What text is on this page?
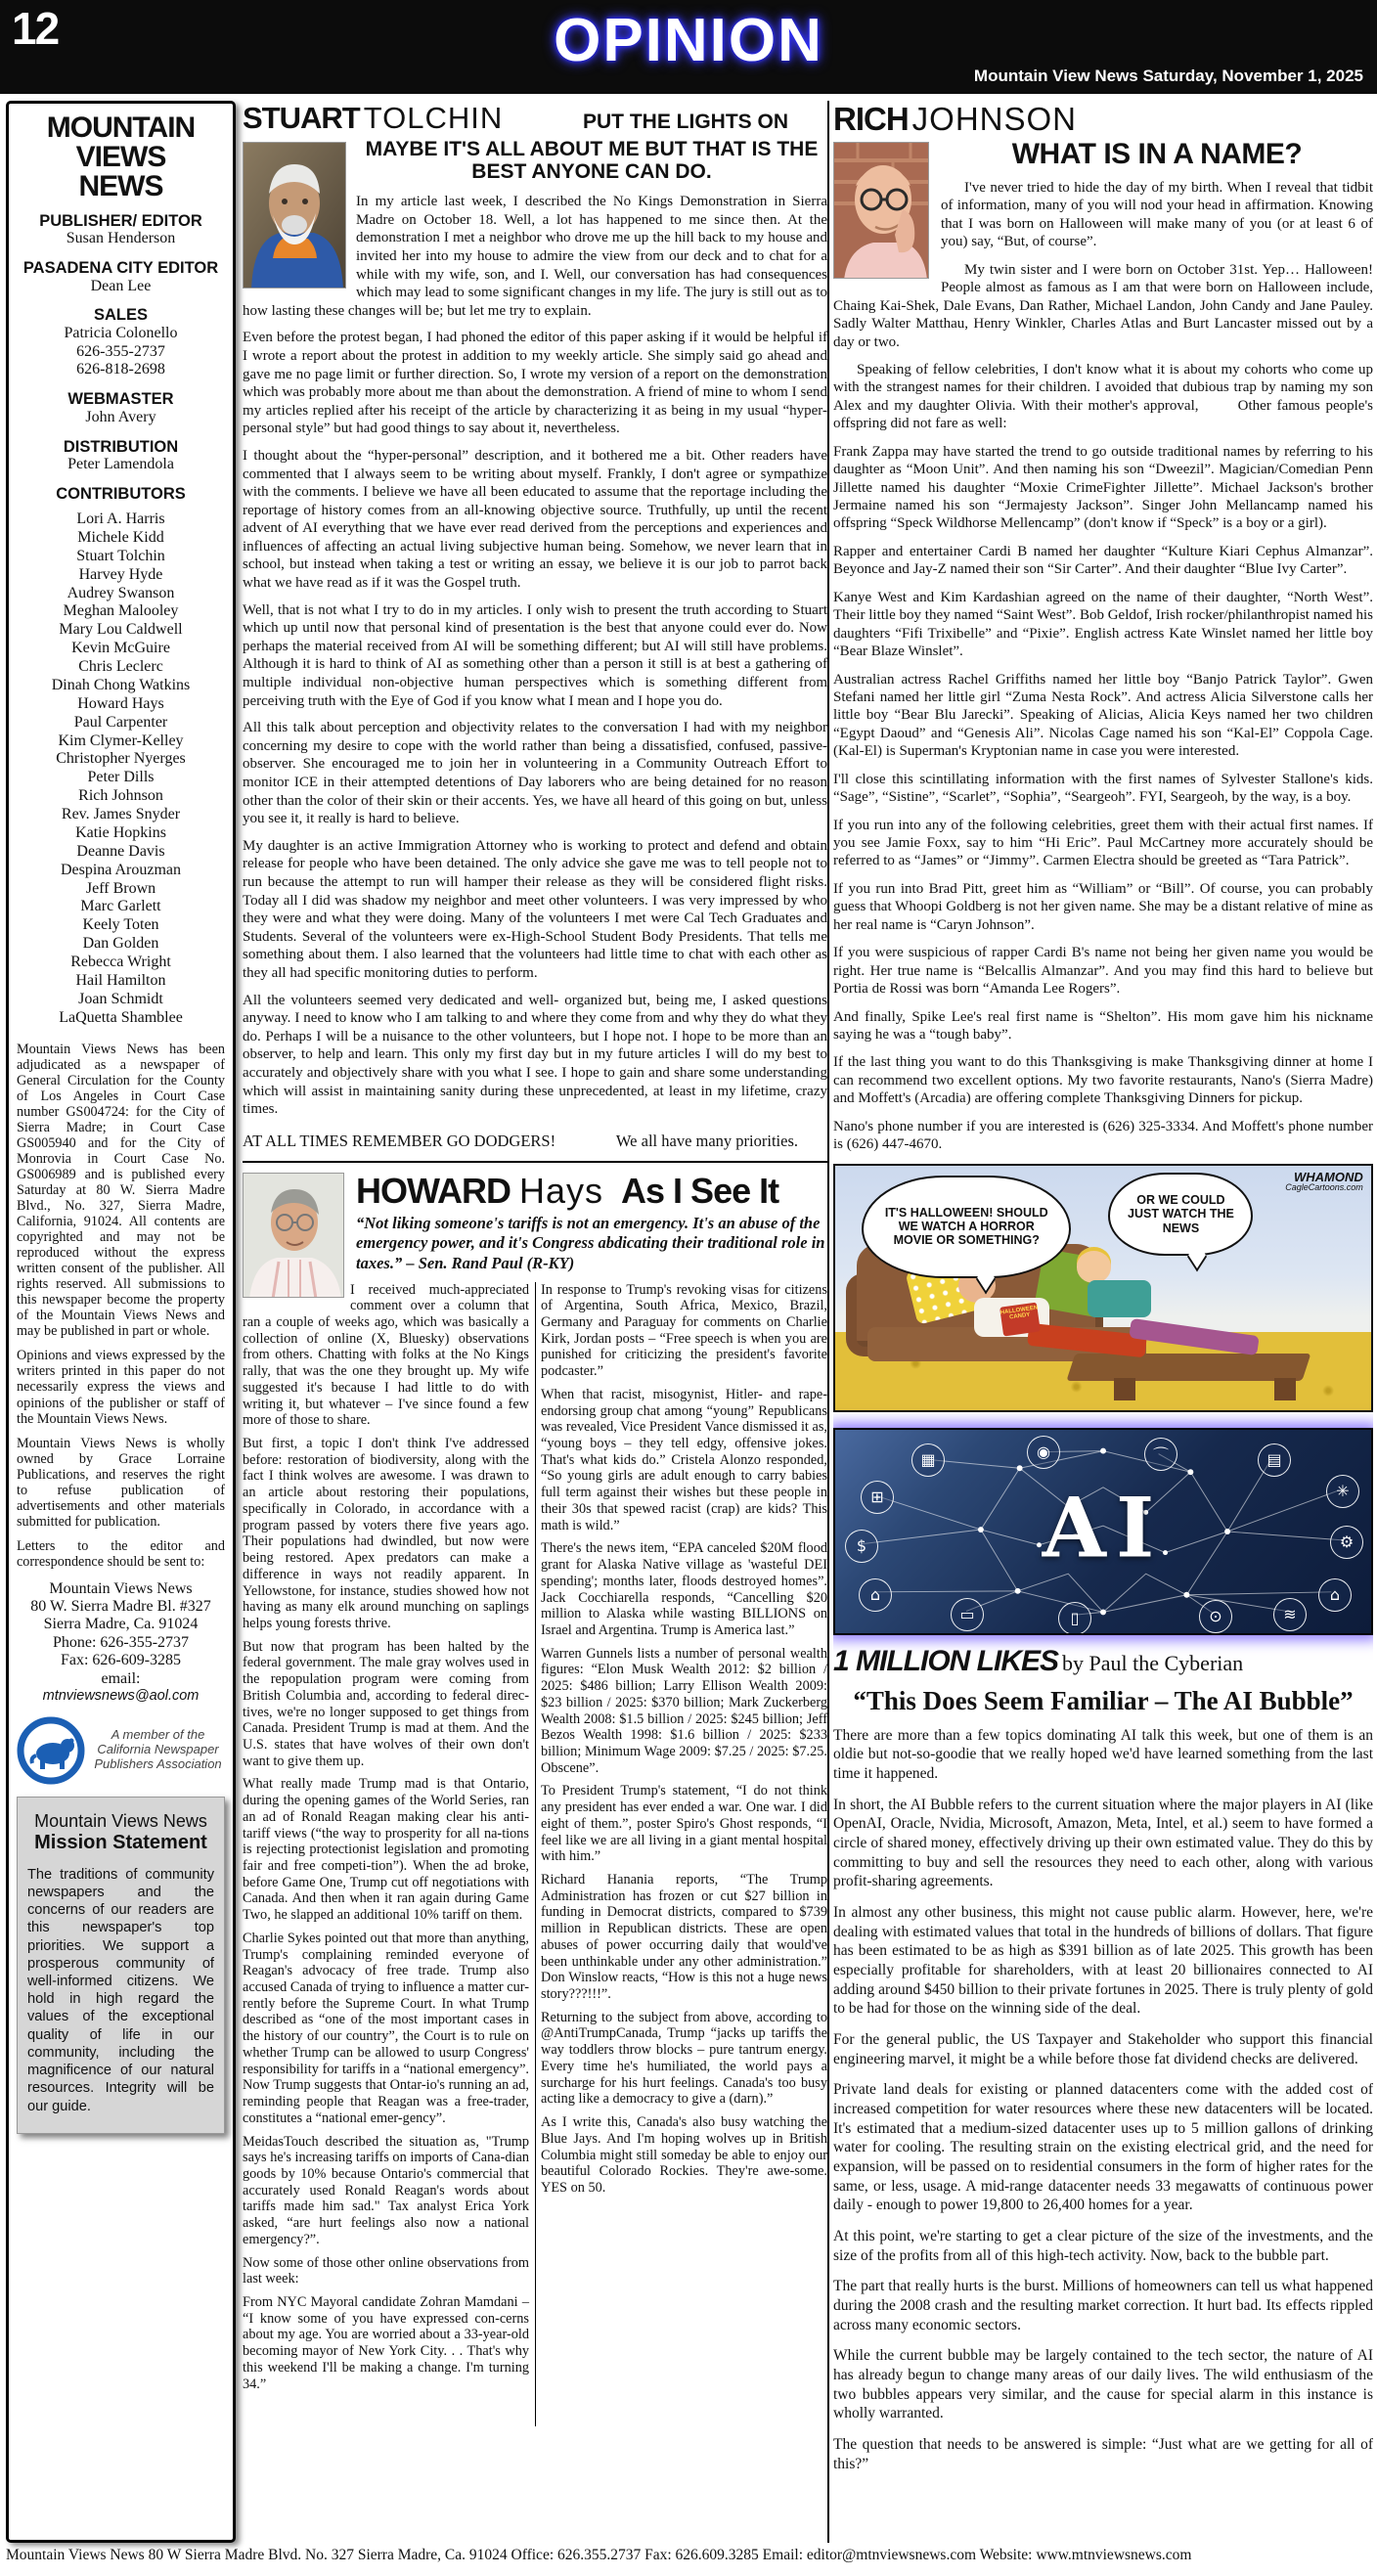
12	OPINION
Mountain View News Saturday, November 1, 2025
MOUNTAIN
VIEWS
NEWS
PUBLISHER/ EDITOR
Susan Henderson
PASADENA CITY EDITOR
Dean Lee
SALES
Patricia Colonello
626-355-2737
626-818-2698
WEBMASTER
John Avery
DISTRIBUTION
Peter Lamendola
CONTRIBUTORS
Lori A. Harris
Michele Kidd
Stuart Tolchin
Harvey Hyde
Audrey Swanson
Meghan Malooley
Mary Lou Caldwell
Kevin McGuire
Chris Leclerc
Dinah Chong Watkins
Howard Hays
Paul Carpenter
Kim Clymer-Kelley
Christopher Nyerges
Peter Dills
Rich Johnson
Rev. James Snyder
Katie Hopkins
Deanne Davis
Despina Arouzman
Jeff Brown
Marc Garlett
Keely Toten
Dan Golden
Rebecca Wright
Hail Hamilton
Joan Schmidt
LaQuetta Shamblee

Mountain Views News has been adjudicated as a newspaper of General Circulation for the County of Los Angeles in Court Case number GS004724: for the City of Sierra Madre; in Court Case GS005940 and for the City of Monrovia in Court Case No. GS006989 and is published every Saturday at 80 W. Sierra Madre Blvd., No. 327, Sierra Madre, California, 91024. All contents are copyrighted and may not be reproduced without the express written consent of the publisher. All rights reserved. All submissions to this newspaper become the property of the Mountain Views News and may be published in part or whole.

Opinions and views expressed by the writers printed in this paper do not necessarily express the views and opinions of the publisher or staff of the Mountain Views News.

Mountain Views News is wholly owned by Grace Lorraine Publications, and reserves the right to refuse publication of advertisements and other materials submitted for publication.

Letters to the editor and correspondence should be sent to:
Mountain Views News
80 W. Sierra Madre Bl. #327
Sierra Madre, Ca. 91024
Phone: 626-355-2737
Fax: 626-609-3285
email:
mtnviewsnews@aol.com
A member of the California Newspaper Publishers Association
Mountain Views News
Mission Statement

The traditions of community newspapers and the concerns of our readers are this newspaper's top priorities. We support a prosperous community of well-informed citizens. We hold in high regard the values of the exceptional quality of life in our community, including the magnificence of our natural resources. Integrity will be our guide.

STUART TOLCHIN	PUT THE LIGHTS ON
MAYBE IT'S ALL ABOUT ME BUT THAT IS THE BEST ANYONE CAN DO.

In my article last week, I described the No Kings Demonstration in Sierra Madre on October 18. Well, a lot has happened to me since then. At the demonstration I met a neighbor who drove me up the hill back to my house and invited her into my house to admire the view from our deck and to chat for a while with my wife, son, and I. Well, our conversation has had consequences which may lead to some significant changes in my life. The jury is still out as to how lasting these changes will be; but let me try to explain.

Even before the protest began, I had phoned the editor of this paper asking if it would be helpful if I wrote a report about the protest in addition to my weekly article. She simply said go ahead and gave me no page limit or further direction. So, I wrote my version of a report on the demonstration which was probably more about me than about the demonstration. A friend of mine to whom I send my articles replied after his receipt of the article by characterizing it as being in my usual “hyper-personal style” but had good things to say about it, nevertheless.

I thought about the “hyper-personal” description, and it bothered me a bit. Other readers have commented that I always seem to be writing about myself. Frankly, I don't agree or sympathize with the comments. I believe we have all been educated to assume that the reportage including the reportage of history comes from an all-knowing objective source. Truthfully, up until the recent advent of AI everything that we have ever read derived from the perceptions and experiences and influences of affecting an actual living subjective human being. Somehow, we never learn that in school, but instead when taking a test or writing an essay, we believe it is our job to parrot back what we have read as if it was the Gospel truth.

Well, that is not what I try to do in my articles. I only wish to present the truth according to Stuart which up until now that personal kind of presentation is the best that anyone could ever do. Now perhaps the material received from AI will be something different; but AI will still have problems. Although it is hard to think of AI as something other than a person it still is at best a gathering of multiple individual non-objective human perspectives which is something different from perceiving truth with the Eye of God if you know what I mean and I hope you do.

All this talk about perception and objectivity relates to the conversation I had with my neighbor concerning my desire to cope with the world rather than being a dissatisfied, confused, passive-observer. She encouraged me to join her in volunteering in a Community Outreach Effort to monitor ICE in their attempted detentions of Day laborers who are being detained for no reason other than the color of their skin or their accents. Yes, we have all heard of this going on but, unless you see it, it really is hard to believe.

My daughter is an active Immigration Attorney who is working to protect and defend and obtain release for people who have been detained. The only advice she gave me was to tell people not to run because the attempt to run will hamper their release as they will be considered flight risks. Today all I did was shadow my neighbor and meet other volunteers. I was very impressed by who they were and what they were doing. Many of the volunteers I met were Cal Tech Graduates and Students. Several of the volunteers were ex-High-School Student Body Presidents. That tells me something about them. I also learned that the volunteers had little time to chat with each other as they all had specific monitoring duties to perform.

All the volunteers seemed very dedicated and well- organized but, being me, I asked questions anyway. I need to know who I am talking to and where they come from and why they do what they do. Perhaps I will be a nuisance to the other volunteers, but I hope not. I hope to be more than an observer, to help and learn. This only my first day but in my future articles I will do my best to accurately and objectively share with you what I see. I hope to gain and share some understanding which will assist in maintaining sanity during these unprecedented, at least in my lifetime, crazy times.

AT ALL TIMES REMEMBER GO DODGERS!	We all have many priorities.
HOWARD Hays As I See It

“Not liking someone's tariffs is not an emergency. It's an abuse of the emergency power, and it's Congress abdicating their traditional role in taxes.” – Sen. Rand Paul (R-KY)

I received much-appreciated comment over a column that ran a couple of weeks ago, which was basically a collection of online (X, Bluesky) observations from others. Chatting with folks at the No Kings rally, that was the one they brought up. My wife suggested it's because I had little to do with writing it, but whatever – I've since found a few more of those to share.

But first, a topic I don't think I've addressed before: restoration of biodiversity, along with the fact I think wolves are awesome. I was drawn to an article about restoring their populations, specifically in Colorado, in accordance with a program passed by voters there five years ago. Their populations had dwindled, but now were being restored. Apex predators can make a difference in ways not readily apparent. In Yellowstone, for instance, studies showed how not having as many elk around munching on saplings helps young forests thrive.

But now that program has been halted by the federal government. The male gray wolves used in the repopulation program were coming from British Columbia and, according to federal direc-tives, we're no longer supposed to get things from Canada. President Trump is mad at them. And the U.S. states that have wolves of their own don't want to give them up.

What really made Trump mad is that Ontario, during the opening games of the World Series, ran an ad of Ronald Reagan making clear his anti-tariff views (“the way to prosperity for all na-tions is rejecting protectionist legislation and promoting fair and free competi-tion”). When the ad broke, before Game One, Trump cut off negotiations with Canada. And then when it ran again during Game Two, he slapped an additional 10% tariff on them.

Charlie Sykes pointed out that more than anything, Trump's complaining reminded everyone of Reagan's advocacy of free trade. Trump also accused Canada of trying to influence a matter cur-rently before the Supreme Court. In what Trump described as “one of the most important cases in the history of our country”, the Court is to rule on whether Trump can be allowed to usurp Congress' responsibility for tariffs in a “national emergency”. Now Trump suggests that Ontar-io's running an ad, reminding people that Reagan was a free-trader, constitutes a “national emer-gency”.

MeidasTouch described the situation as, "Trump says he's increasing tariffs on imports of Cana-dian goods by 10% because Ontario's commercial that accurately used Ronald Reagan's words about tariffs made him sad." Tax analyst Erica York asked, “are hurt feelings also now a national emergency?”.

Now some of those other online observations from last week:

From NYC Mayoral candidate Zohran Mamdani – “I know some of you have expressed con-cerns about my age. You are worried about a 33-year-old becoming mayor of New York City. . . That's why this weekend I'll be making a change. I'm turning 34.”

In response to Trump's revoking visas for citizens of Argentina, South Africa, Mexico, Brazil, Germany and Paraguay for comments on Charlie Kirk, Jordan posts – “Free speech is when you are punished for criticizing the president's favorite podcaster.”

When that racist, misogynist, Hitler- and rape-endorsing group chat among “young” Republicans was revealed, Vice President Vance dismissed it as, “young boys – they tell edgy, offensive jokes. That's what kids do.” Cristela Alonzo responded, “So young girls are adult enough to carry babies full term against their wishes but these people in their 30s that spewed racist (crap) are kids? This math is wild.”

There's the news item, “EPA canceled $20M flood grant for Alaska Native village as 'wasteful DEI spending'; months later, floods destroyed homes”. Jack Cocchiarella responds, “Cancelling $20 million to Alaska while wasting BILLIONS on Israel and Argentina. Trump is America last.”

Warren Gunnels lists a number of personal wealth figures: “Elon Musk Wealth 2012: $2 billion / 2025: $486 billion; Larry Ellison Wealth 2009: $23 billion / 2025: $370 billion; Mark Zuckerberg Wealth 2008: $1.5 billion / 2025: $245 billion; Jeff Bezos Wealth 1998: $1.6 billion / 2025: $233 billion; Minimum Wage 2009: $7.25 / 2025: $7.25. Obscene”.

To President Trump's statement, “I do not think any president has ever ended a war. One war. I did eight of them.”, poster Spiro's Ghost responds, “I feel like we are all living in a giant mental hospital with him.”

Richard Hanania reports, “The Trump Administration has frozen or cut $27 billion in funding in Democrat districts, compared to $739 million in Republican districts. These are open abuses of power occurring daily that would've been unthinkable under any other administration.” Don Winslow reacts, “How is this not a huge news story???!!!”.

Returning to the subject from above, according to @AntiTrumpCanada, Trump “jacks up tariffs the way toddlers throw blocks – pure tantrum energy. Every time he's humiliated, the world pays a surcharge for his hurt feelings. Canada's too busy acting like a democracy to give a (darn).”

As I write this, Canada's also busy watching the Blue Jays. And I'm hoping wolves up in British Columbia might still someday be able to enjoy our beautiful Colorado Rockies. They're awe-some. YES on 50.

RICH JOHNSON
WHAT IS IN A NAME?

I've never tried to hide the day of my birth. When I reveal that tidbit of information, many of you will nod your head in affirmation. Knowing that I was born on Halloween will make many of you (or at least 6 of you) say, “But, of course”.

My twin sister and I were born on October 31st. Yep… Halloween! People almost as famous as I am that were born on Halloween include, Chaing Kai-Shek, Dale Evans, Dan Rather, Michael Landon, John Candy and Jane Pauley. Sadly Walter Matthau, Henry Winkler, Charles Atlas and Burt Lancaster missed out by a day or two.

Speaking of fellow celebrities, I don't know what it is about my cohorts who come up with the strangest names for their children. I avoided that dubious trap by naming my son Alex and my daughter Olivia. With their mother's approval,       Other famous people's offspring did not fare as well:

Frank Zappa may have started the trend to go outside traditional names by referring to his daughter as “Moon Unit”. And then naming his son “Dweezil”. Magician/Comedian Penn Jillette named his daughter “Moxie CrimeFighter Jillette”. Michael Jackson's brother Jermaine named his son “Jermajesty Jackson”. Singer John Mellancamp named his offspring “Speck Wildhorse Mellencamp” (don't know if “Speck” is a boy or a girl).

Rapper and entertainer Cardi B named her daughter “Kulture Kiari Cephus Almanzar”. Beyonce and Jay-Z named their son “Sir Carter”. And their daughter “Blue Ivy Carter”.

Kanye West and Kim Kardashian agreed on the name of their daughter, “North West”. Their little boy they named “Saint West”. Bob Geldof, Irish rocker/philanthropist named his daughters “Fifi Trixibelle” and “Pixie”. English actress Kate Winslet named her little boy “Bear Blaze Winslet”.

Australian actress Rachel Griffiths named her little boy “Banjo Patrick Taylor”. Gwen Stefani named her little girl “Zuma Nesta Rock”. And actress Alicia Silverstone calls her little boy “Bear Blu Jarecki”. Speaking of Alicias, Alicia Keys named her two children “Egypt Daoud” and “Genesis Ali”. Nicolas Cage named his son “Kal-El” Coppola Cage. (Kal-El) is Superman's Kryptonian name in case you were interested.

I'll close this scintillating information with the first names of Sylvester Stallone's kids. “Sage”, “Sistine”, “Scarlet”, “Sophia”, “Seargeoh”. FYI, Seargeoh, by the way, is a boy.

If you run into any of the following celebrities, greet them with their actual first names. If you see Jamie Foxx, say to him “Hi Eric”. Paul McCartney more accurately should be referred to as “James” or “Jimmy”. Carmen Electra should be greeted as “Tara Patrick”.

If you run into Brad Pitt, greet him as “William” or “Bill”. Of course, you can probably guess that Whoopi Goldberg is not her given name. She may be a distant relative of mine as her real name is “Caryn Johnson”.

If you were suspicious of rapper Cardi B's name not being her given name you would be right. Her true name is “Belcallis Almanzar”. And you may find this hard to believe but Portia de Rossi was born “Amanda Lee Rogers”.

And finally, Spike Lee's real first name is “Shelton”. His mom gave him his nickname saying he was a “tough baby”.

If the last thing you want to do this Thanksgiving is make Thanksgiving dinner at home I can recommend two excellent options. My two favorite restaurants, Nano's (Sierra Madre) and Moffett's (Arcadia) are offering complete Thanksgiving Dinners for pickup.

Nano's phone number if you are interested is (626) 325-3334. And Moffett's phone number is (626) 447-4670.

HALLOWEEN CANDY
IT'S HALLOWEEN! SHOULD WE WATCH A HORROR MOVIE OR SOMETHING?
OR WE COULD JUST WATCH THE NEWS
WHAMOND
CagleCartoons.com
▦	◉	⌒	▤
✳
⚙
⌂
⊞
$
⌂
≋
⊙
▭	▯
AI
1 MILLION LIKES by Paul the Cyberian
“This Does Seem Familiar – The AI Bubble”

There are more than a few topics dominating AI talk this week, but one of them is an oldie but not-so-goodie that we really hoped we'd have learned something from the last time it happened.

In short, the AI Bubble refers to the current situation where the major players in AI (like OpenAI, Oracle, Nvidia, Microsoft, Amazon, Meta, Intel, et al.) seem to have formed a circle of shared money, effectively driving up their own estimated value. They do this by committing to buy and sell the resources they need to each other, along with various profit-sharing agreements.

In almost any other business, this might not cause public alarm. However, here, we're dealing with estimated values that total in the hundreds of billions of dollars. That figure has been estimated to be as high as $391 billion as of late 2025. This growth has been especially profitable for shareholders, with at least 20 billionaires connected to AI adding around $450 billion to their private fortunes in 2025. There is truly plenty of gold to be had for those on the winning side of the deal.

For the general public, the US Taxpayer and Stakeholder who support this financial engineering marvel, it might be a while before those fat dividend checks are delivered.

Private land deals for existing or planned datacenters come with the added cost of increased competition for water resources where these new datacenters will be located. It's estimated that a medium-sized datacenter uses up to 5 million gallons of drinking water for cooling. The resulting strain on the existing electrical grid, and the need for expansion, will be passed on to residential consumers in the form of higher rates for the same, or less, usage. A mid-range datacenter needs 33 megawatts of continuous power daily - enough to power 19,800 to 26,400 homes for a year.

At this point, we're starting to get a clear picture of the size of the investments, and the size of the profits from all of this high-tech activity. Now, back to the bubble part.

The part that really hurts is the burst. Millions of homeowners can tell us what happened during the 2008 crash and the resulting market correction. It hurt bad. Its effects rippled across many economic sectors.

While the current bubble may be largely contained to the tech sector, the nature of AI has already begun to change many areas of our daily lives. The wild enthusiasm of the two bubbles appears very similar, and the cause for special alarm in this instance is wholly warranted.

The question that needs to be answered is simple: “Just what are we getting for all of this?”

Mountain Views News 80 W Sierra Madre Blvd. No. 327 Sierra Madre, Ca. 91024 Office: 626.355.2737 Fax: 626.609.3285 Email: editor@mtnviewsnews.com Website: www.mtnviewsnews.com
